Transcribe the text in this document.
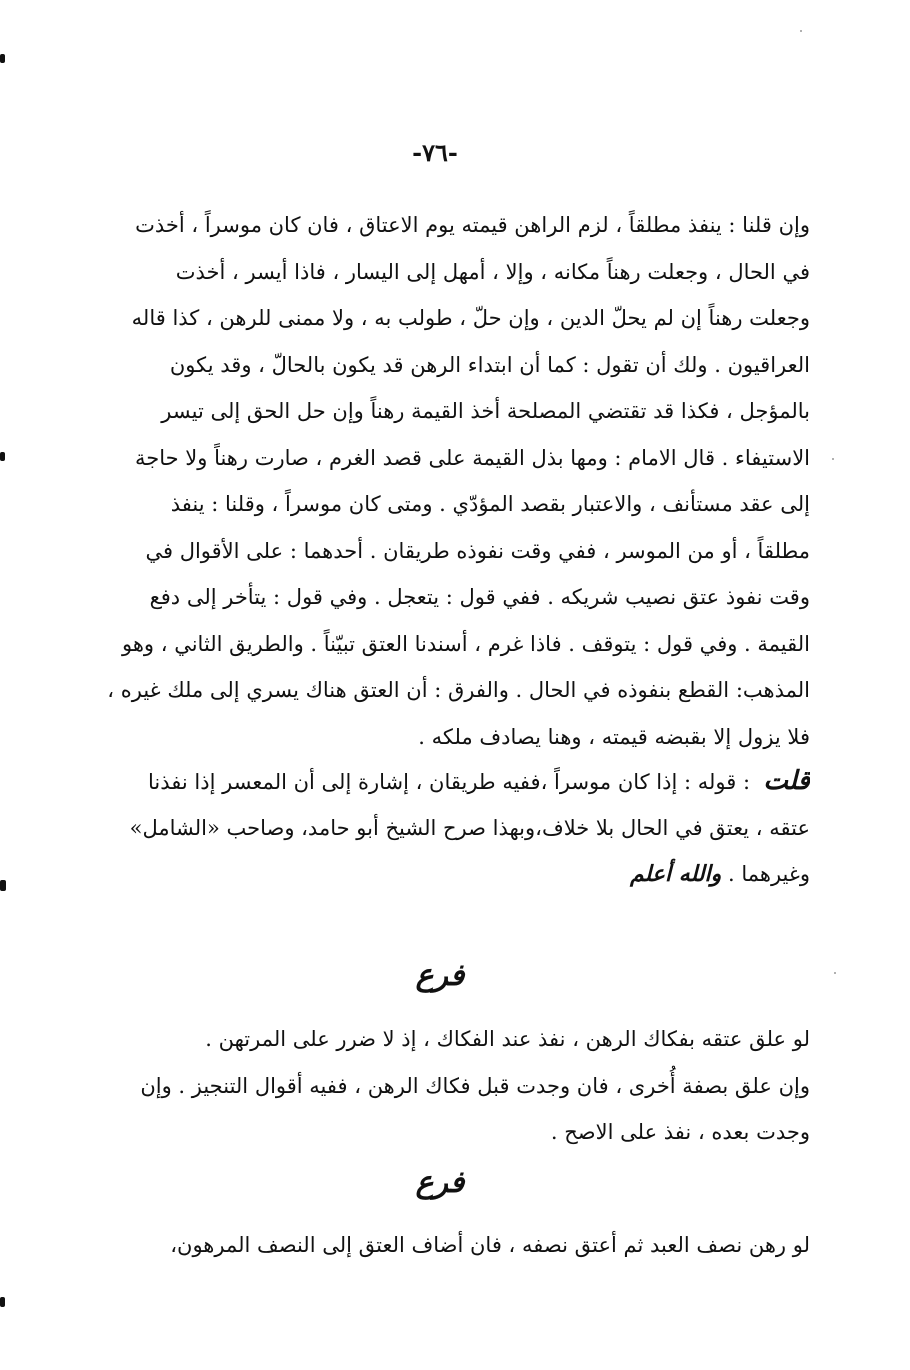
-٧٦-
وإن قلنا : ينفذ مطلقاً ، لزم الراهن قيمته يوم الاعتاق ، فان كان موسراً ، أخذت
في الحال ، وجعلت رهناً مكانه ، وإلا ، أمهل إلى اليسار ، فاذا أيسر ، أخذت
وجعلت رهناً إن لم يحلّ الدين ، وإن حلّ ، طولب به ، ولا ممنى للرهن ، كذا قاله
العراقيون . ولك أن تقول : كما أن ابتداء الرهن قد يكون بالحالّ ، وقد يكون
بالمؤجل ، فكذا قد تقتضي المصلحة أخذ القيمة رهناً وإن حل الحق إلى تيسر
الاستيفاء . قال الامام : ومها بذل القيمة على قصد الغرم ، صارت رهناً ولا حاجة
إلى عقد مستأنف ، والاعتبار بقصد المؤدّي . ومتى كان موسراً ، وقلنا : ينفذ
مطلقاً ، أو من الموسر ، ففي وقت نفوذه طريقان . أحدهما : على الأقوال في
وقت نفوذ عتق نصيب شريكه . ففي قول : يتعجل . وفي قول : يتأخر إلى دفع
القيمة . وفي قول : يتوقف . فاذا غرم ، أسندنا العتق تبيّناً . والطريق الثاني ، وهو
المذهب: القطع بنفوذه في الحال . والفرق : أن العتق هناك يسري إلى ملك غيره ،
فلا يزول إلا بقبضه قيمته ، وهنا يصادف ملكه .
قلت  : قوله : إذا كان موسراً ،ففيه طريقان ، إشارة إلى أن المعسر إذا نفذنا
عتقه ، يعتق في الحال بلا خلاف،وبهذا صرح الشيخ أبو حامد، وصاحب «الشامل»
وغيرهما . والله أعلم
فرع
لو علق عتقه بفكاك الرهن ، نفذ عند الفكاك ، إذ لا ضرر على المرتهن .
وإن علق بصفة أُخرى ، فان وجدت قبل فكاك الرهن ، ففيه أقوال التنجيز . وإن
وجدت بعده ، نفذ على الاصح .
فرع
لو رهن نصف العبد ثم أعتق نصفه ، فان أضاف العتق إلى النصف المرهون،
